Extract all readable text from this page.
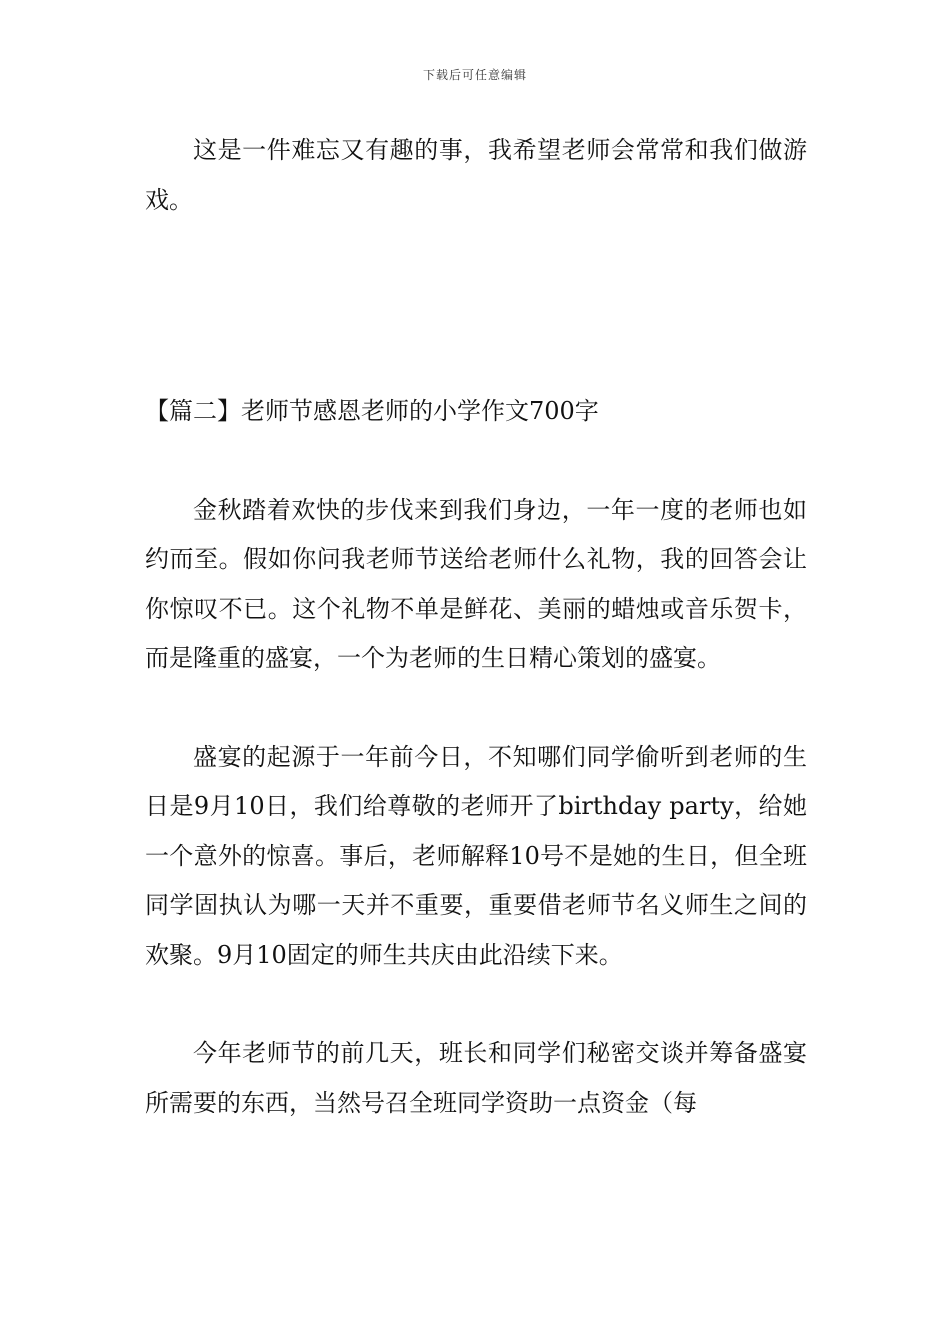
下载后可任意编辑

这是一件难忘又有趣的事，我希望老师会常常和我们做游戏。

【篇二】老师节感恩老师的小学作文700字

金秋踏着欢快的步伐来到我们身边，一年一度的老师也如约而至。假如你问我老师节送给老师什么礼物，我的回答会让你惊叹不已。这个礼物不单是鲜花、美丽的蜡烛或音乐贺卡，而是隆重的盛宴，一个为老师的生日精心策划的盛宴。

盛宴的起源于一年前今日，不知哪们同学偷听到老师的生日是9月10日，我们给尊敬的老师开了birthday party，给她一个意外的惊喜。事后，老师解释10号不是她的生日，但全班同学固执认为哪一天并不重要，重要借老师节名义师生之间的欢聚。9月10固定的师生共庆由此沿续下来。

今年老师节的前几天，班长和同学们秘密交谈并筹备盛宴所需要的东西，当然号召全班同学资助一点资金（每
